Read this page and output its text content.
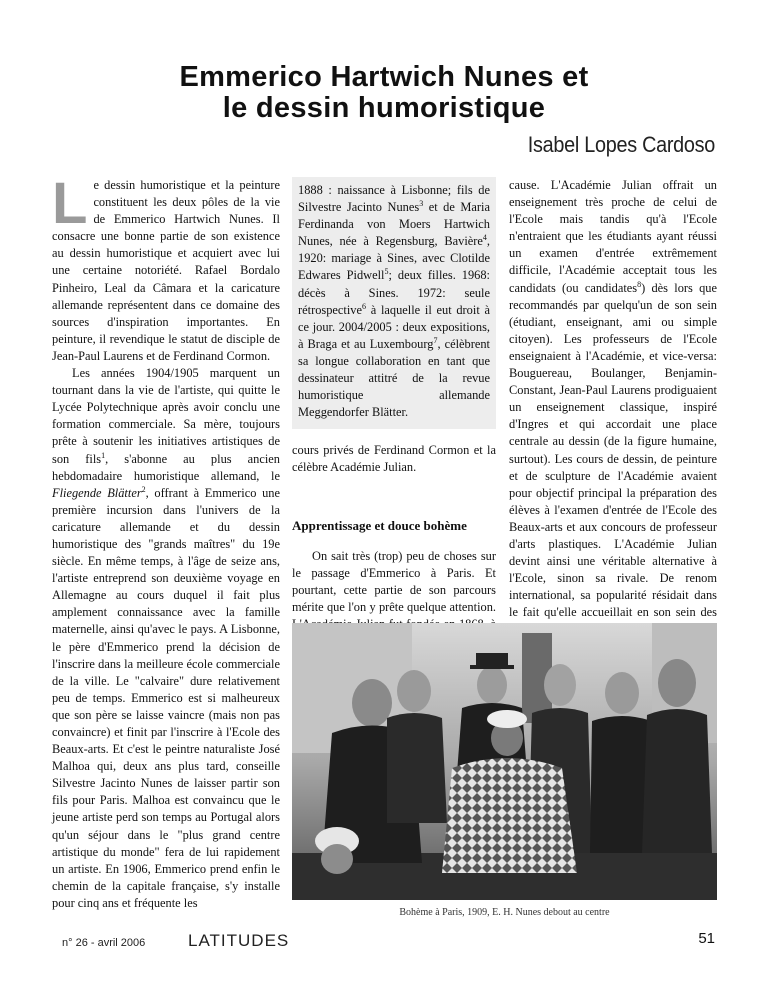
Emmerico Hartwich Nunes et
le dessin humoristique
Isabel Lopes Cardoso

Le dessin humoristique et la peinture constituent les deux pôles de la vie de Emmerico Hartwich Nunes. Il consacre une bonne partie de son existence au dessin humoristique et acquiert avec lui une certaine notoriété. Rafael Bordalo Pinheiro, Leal da Câmara et la caricature allemande représentent dans ce domaine des sources d'inspiration importantes. En peinture, il revendique le statut de disciple de Jean-Paul Laurens et de Ferdinand Cormon.

Les années 1904/1905 marquent un tournant dans la vie de l'artiste, qui quitte le Lycée Polytechnique après avoir conclu une formation commerciale. Sa mère, toujours prête à soutenir les initiatives artistiques de son fils$^1$, s'abonne au plus ancien hebdomadaire humoristique allemand, le Fliegende Blätter$^2$, offrant à Emmerico une première incursion dans l'univers de la caricature allemande et du dessin humoristique des "grands maîtres" du 19e siècle. En même temps, à l'âge de seize ans, l'artiste entreprend son deuxième voyage en Allemagne au cours duquel il fait plus amplement connaissance avec la famille maternelle, ainsi qu'avec le pays. A Lisbonne, le père d'Emmerico prend la décision de l'inscrire dans la meilleure école commerciale de la ville. Le "calvaire" dure relativement peu de temps. Emmerico est si malheureux que son père se laisse vaincre (mais non pas convaincre) et finit par l'inscrire à l'Ecole des Beaux-arts. Et c'est le peintre naturaliste José Malhoa qui, deux ans plus tard, conseille Silvestre Jacinto Nunes de laisser partir son fils pour Paris. Malhoa est convaincu que le jeune artiste perd son temps au Portugal alors qu'un séjour dans le "plus grand centre artistique du monde" fera de lui rapidement un artiste. En 1906, Emmerico prend enfin le chemin de la capitale française, s'y installe pour cinq ans et fréquente les

1888 : naissance à Lisbonne; fils de Silvestre Jacinto Nunes$^3$ et de Maria Ferdinanda von Moers Hartwich Nunes, née à Regensburg, Bavière$^4$, 1920: mariage à Sines, avec Clotilde Edwares Pidwell$^5$; deux filles. 1968: décès à Sines. 1972: seule rétrospective$^6$ à laquelle il eut droit à ce jour. 2004/2005 : deux expositions, à Braga et au Luxembourg$^7$, célèbrent sa longue collaboration en tant que dessinateur attitré de la revue humoristique allemande Meggendorfer Blätter.

cours privés de Ferdinand Cormon et la célèbre Académie Julian.

Apprentissage et douce bohème

On sait très (trop) peu de choses sur le passage d'Emmerico à Paris. Et pourtant, cette partie de son parcours mérite que l'on y prête quelque attention.

cause. L'Académie Julian offrait un enseignement très proche de celui de l'Ecole mais tandis qu'à l'Ecole n'entraient que les étudiants ayant réussi un examen d'entrée extrêmement difficile, l'Académie acceptait tous les candidats (ou candidates$^8$) dès lors que recommandés par quelqu'un de son sein (étudiant, enseignant, ami ou simple citoyen). Les professeurs de l'Ecole enseignaient à l'Académie, et vice-versa: Bouguereau, Boulanger, Benjamin-Constant, Jean-Paul Laurens prodiguaient un enseignement classique, inspiré d'Ingres et qui accordait une place centrale au dessin (de la figure humaine, surtout). Les cours de dessin, de peinture et de sculpture de l'Académie avaient pour objectif principal la préparation des élèves à l'examen d'entrée de l'Ecole des Beaux-arts et aux concours de professeur d'arts plastiques. L'Académie Julian devint ainsi une véritable alternative à l'Ecole, sinon sa rivale. De renom international, sa popularité résidait dans le fait qu'elle accueillait en son sein des

Bohème à Paris, 1909, E. H. Nunes debout au centre
n° 26 - avril 2006	LATITUDES	51
